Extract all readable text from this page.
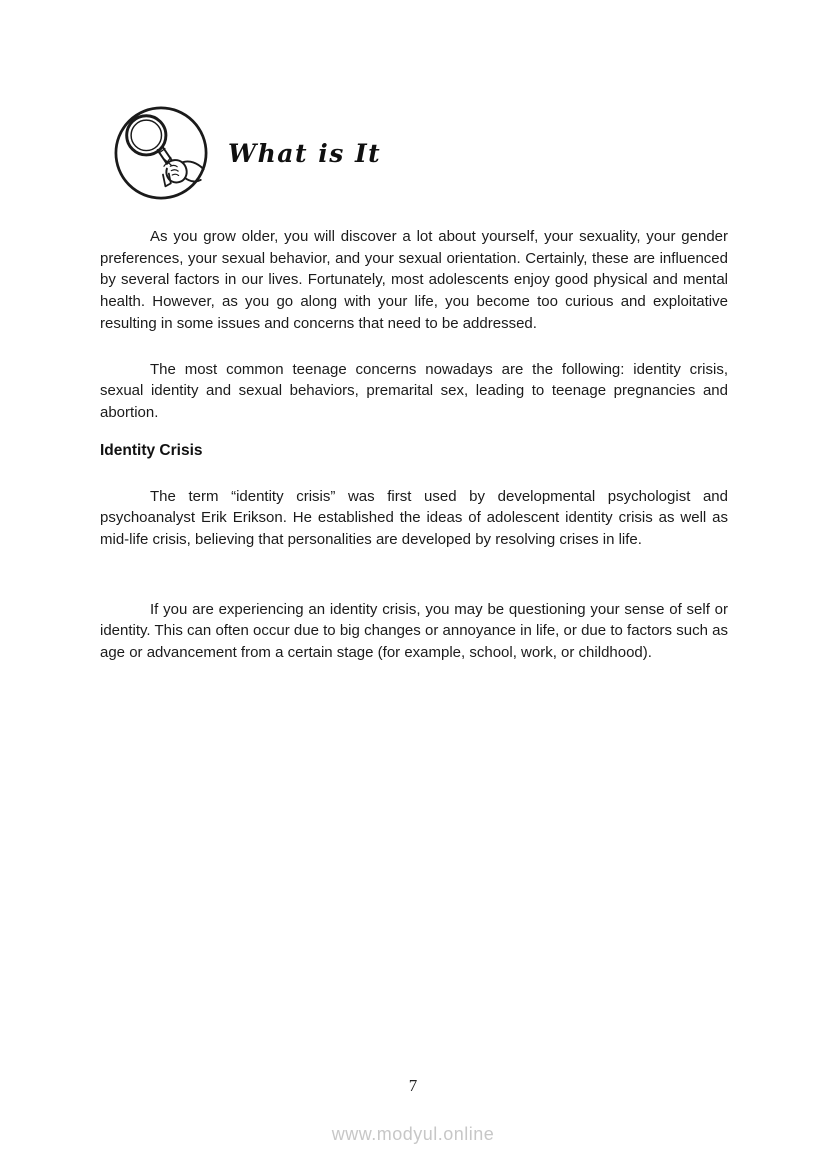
What is It

As you grow older, you will discover a lot about yourself, your sexuality, your gender preferences, your sexual behavior, and your sexual orientation. Certainly, these are influenced by several factors in our lives. Fortunately, most adolescents enjoy good physical and mental health. However, as you go along with your life, you become too curious and exploitative resulting in some issues and concerns that need to be addressed.

The most common teenage concerns nowadays are the following: identity crisis, sexual identity and sexual behaviors, premarital sex, leading to teenage pregnancies and abortion.

Identity Crisis

The term “identity crisis” was first used by developmental psychologist and psychoanalyst Erik Erikson. He established the ideas of adolescent identity crisis as well as mid-life crisis, believing that personalities are developed by resolving crises in life.

If you are experiencing an identity crisis, you may be questioning your sense of self or identity. This can often occur due to big changes or annoyance in life, or due to factors such as age or advancement from a certain stage (for example, school, work, or childhood).

7
www.modyul.online
